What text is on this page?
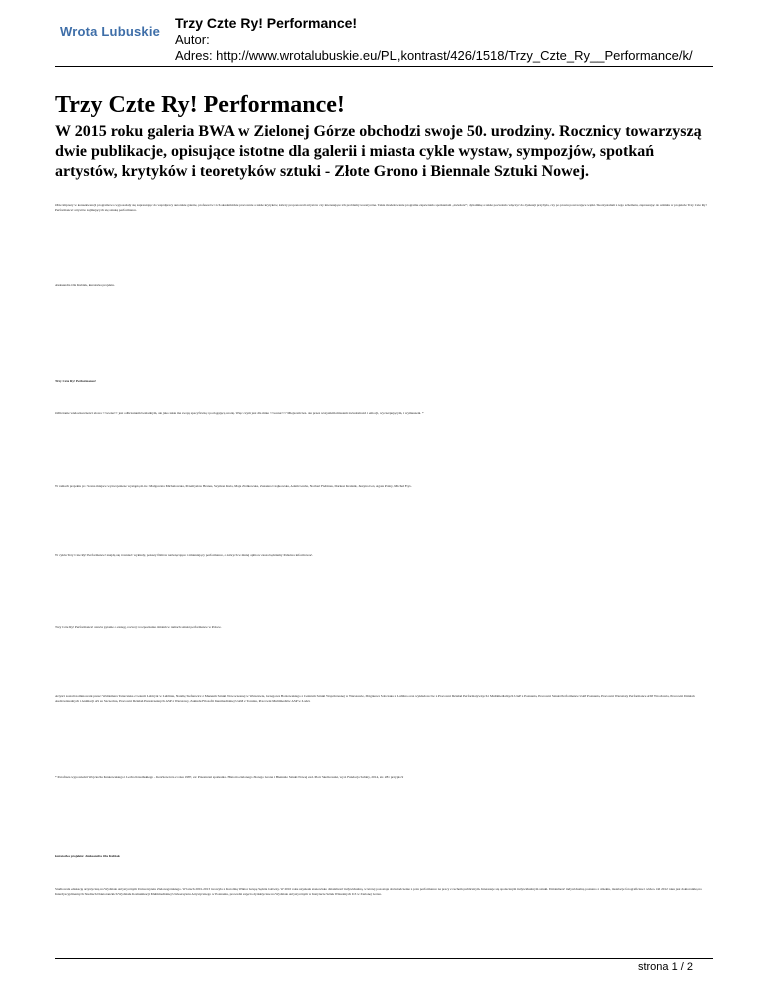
Wrota Lubuskie
Trzy Czte Ry! Performance!
Autor:
Adres: http://www.wrotalubuskie.eu/PL,kontrast/426/1518/Trzy_Czte_Ry__Performance/k/
Trzy Czte Ry! Performance!

W 2015 roku galeria BWA w Zielonej Górze obchodzi swoje 50. urodziny. Rocznicy towarzyszą dwie publikacje, opisujące istotne dla galerii i miasta cykle wystaw, sympozjów, spotkań artystów, krytyków i teoretyków sztuki - Złote Grono i Biennale Sztuki Nowej.

Obie imprezy w konsekwencji programowo wyposażały się zapraszając do współpracy autorskie galerie, profesorów i ich akademickie pracownie a także krytyków, którzy proponowali artystów czy interesujące ich problemy teoretyczne. Takie modelowanie programu zapewniało spotkaniom „świeżość”, dynamikę a także pozwalało włączyć do dyskusji przybyła, czy po prostu powracające wątki. Skorzystałam z tego schematu, zapraszając do udziału w projekcie Trzy Czte Ry! Performance! artystów zajmujących się sztuką performance.

Aleksandra Ola Kubiak, kuratorka projektu.

Trzy Czte Ry! Performance!

Odliczanie wieloznaczności słowa <<scena>> jest odliczaniem bezładnym, ale jako takie ma swoją specyficzną i pociągającą urodę. Więc czym jest dla mnie <<scena>>? Miejscem bez. ale przez wszystkim miastem świadomości i emocji, wyczerpującym, i wymuszeni. *

W ramach projektu pt.: Scena miejsce wyzwojenieze wystąpią m.in.: Małgorzata Michałowska, Przemysław Branas, Szymon Kula, Maja Ziółkowska, Zuzanna Czajkowska, Adam Gruba, Norbert Fiebinus, Dariusz Kraśnik, Justyna Łoś, Agata Polny, Michał Frys.

W cyklu Trzy Czte Ry! Performance! znajdą się również: wykłady, pokazy filmów naświęcające i zmieniający performance, o których w mniej aplitow zasza będziemy Państwa informować.

Trzy Czte Ry! Performance! stawia pytanie o zasięg, rozwój i rozpoznanie działań w ramach sztuki performance w Polsce.

Artyści zostali nominowani przez: Waldemara Tatarczuka z Galerii Labirynt w Lublinie, Natalię Stefanwicz z Muzeum Sztuki Nowoczesnej w Warszawie, Grzegorza Borkowskiego z Centrum Sztuki Współczesnej w Warszawie, Zbigniewa Sobczaka z Lublina oraz wykładowców z Pracowni Działań Performatywnych i Multimedialnych UAP z Poznania, Pracowni Sztuki Performance UAP Poznania, Pracowni Warsztaty Performance ASP Wrocławia, Pracowni Działań Audiowizualnych i Animacji AS ze Szczecina, Pracowni Działań Przestrzennych ASP z Warszawy, Zakładu Filozofii Intermedialnej UAM z Torunia, Pracowni Multimediów ASP w Łodzi.

* Parafraza wypowiedzi Wojciecha Krukowskiego i Lecha Krasińskiego - Kośćkowicza z roku 1987, za: Przestrzeń spotkania. Historia zielonego Złotego Grona i Biennale Sztuki Nowej zed. Piotr Skolkowski, wyd. Fundacja Sabiny, 2014, str. 281 przypis 9

kuratorka projektu: Aleksandra Ola Kubiak

Studiowała edukację artystyczną na Wydziale Artystycznym Uniwersytetu Zielonogórskiego. W latach 2001-2013 tworzyła z Karoliną Wiktor Grupę Sędzia Główny. W 2010 roku uzyskała stanowisko działalność indywidualną, w której pozostaje doświadczenie z pola performance na pracy z ruchem publicznym. Interesuje się społecznym indywidualnym sztuki. Działalność indywidualną poznano z obiektu, instalacje fotograficzne i wideo. Od 2012 roku jest doktorantką na Interdyscyplinarnych Studiach Doktoranckich Wydziału Komunikacji Multimedialnej Uniwersytetu Artystycznego w Poznaniu, prowadzi zajęcia dydaktyczne na Wydziale Artystycznym w Instytucie Sztuk Wizualnych UZ w Zielonej Górze.

strona 1 / 2
